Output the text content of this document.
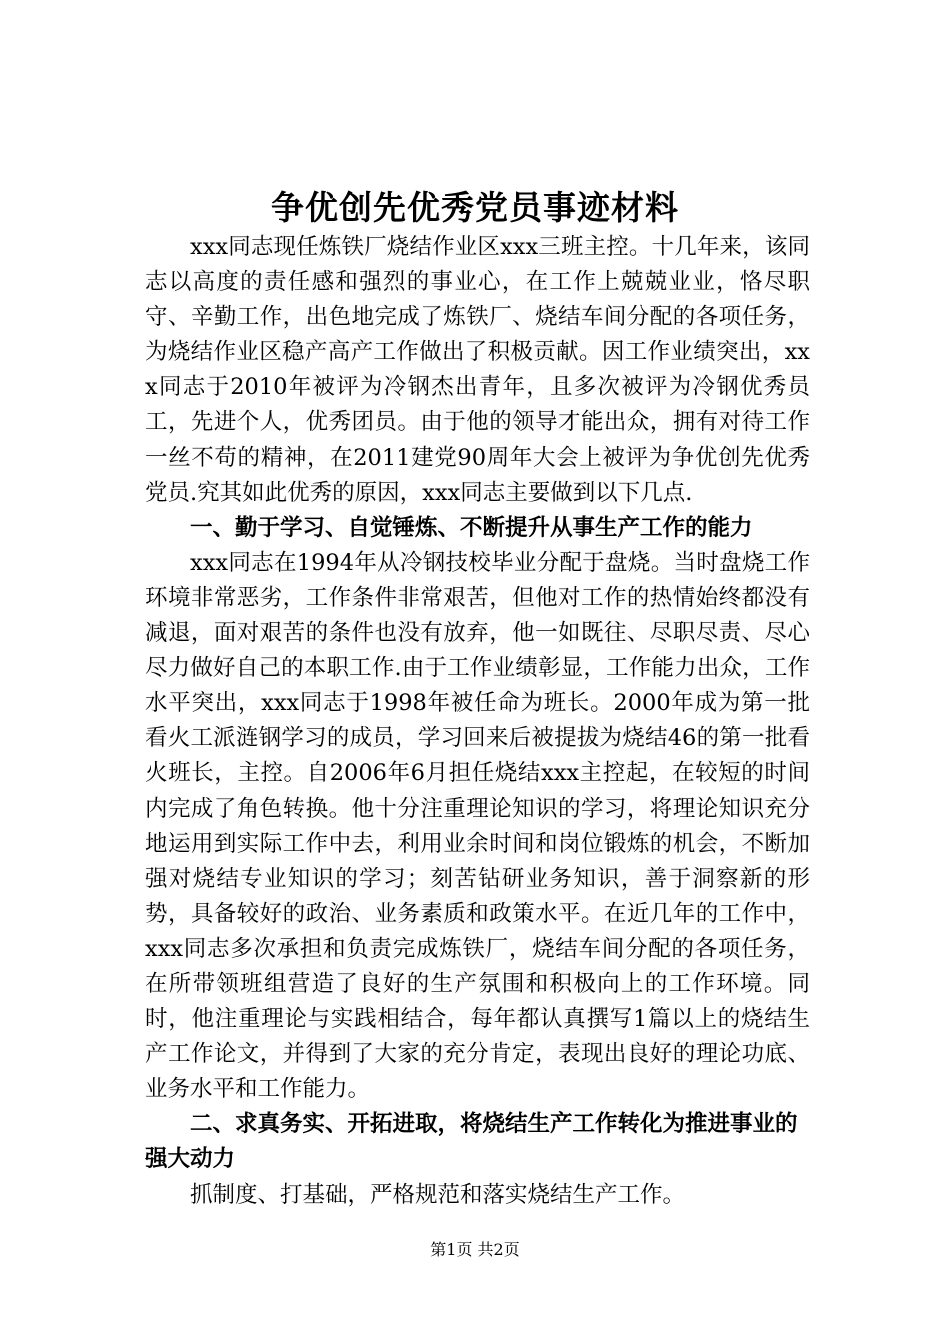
争优创先优秀党员事迹材料

xxx同志现任炼铁厂烧结作业区xxx三班主控。十几年来，该同志以高度的责任感和强烈的事业心，在工作上兢兢业业，恪尽职守、辛勤工作，出色地完成了炼铁厂、烧结车间分配的各项任务，为烧结作业区稳产高产工作做出了积极贡献。因工作业绩突出，xxx同志于2010年被评为冷钢杰出青年，且多次被评为冷钢优秀员工，先进个人，优秀团员。由于他的领导才能出众，拥有对待工作一丝不苟的精神，在2011建党90周年大会上被评为争优创先优秀党员.究其如此优秀的原因，xxx同志主要做到以下几点.

一、勤于学习、自觉锤炼、不断提升从事生产工作的能力

xxx同志在1994年从冷钢技校毕业分配于盘烧。当时盘烧工作环境非常恶劣，工作条件非常艰苦，但他对工作的热情始终都没有减退，面对艰苦的条件也没有放弃，他一如既往、尽职尽责、尽心尽力做好自己的本职工作.由于工作业绩彰显，工作能力出众，工作水平突出，xxx同志于1998年被任命为班长。2000年成为第一批看火工派涟钢学习的成员，学习回来后被提拔为烧结46的第一批看火班长，主控。自2006年6月担任烧结xxx主控起，在较短的时间内完成了角色转换。他十分注重理论知识的学习，将理论知识充分地运用到实际工作中去，利用业余时间和岗位锻炼的机会，不断加强对烧结专业知识的学习；刻苦钻研业务知识，善于洞察新的形势，具备较好的政治、业务素质和政策水平。在近几年的工作中，xxx同志多次承担和负责完成炼铁厂，烧结车间分配的各项任务，在所带领班组营造了良好的生产氛围和积极向上的工作环境。同时，他注重理论与实践相结合，每年都认真撰写1篇以上的烧结生产工作论文，并得到了大家的充分肯定，表现出良好的理论功底、业务水平和工作能力。

二、求真务实、开拓进取，将烧结生产工作转化为推进事业的强大动力

抓制度、打基础，严格规范和落实烧结生产工作。

第1页 共2页
